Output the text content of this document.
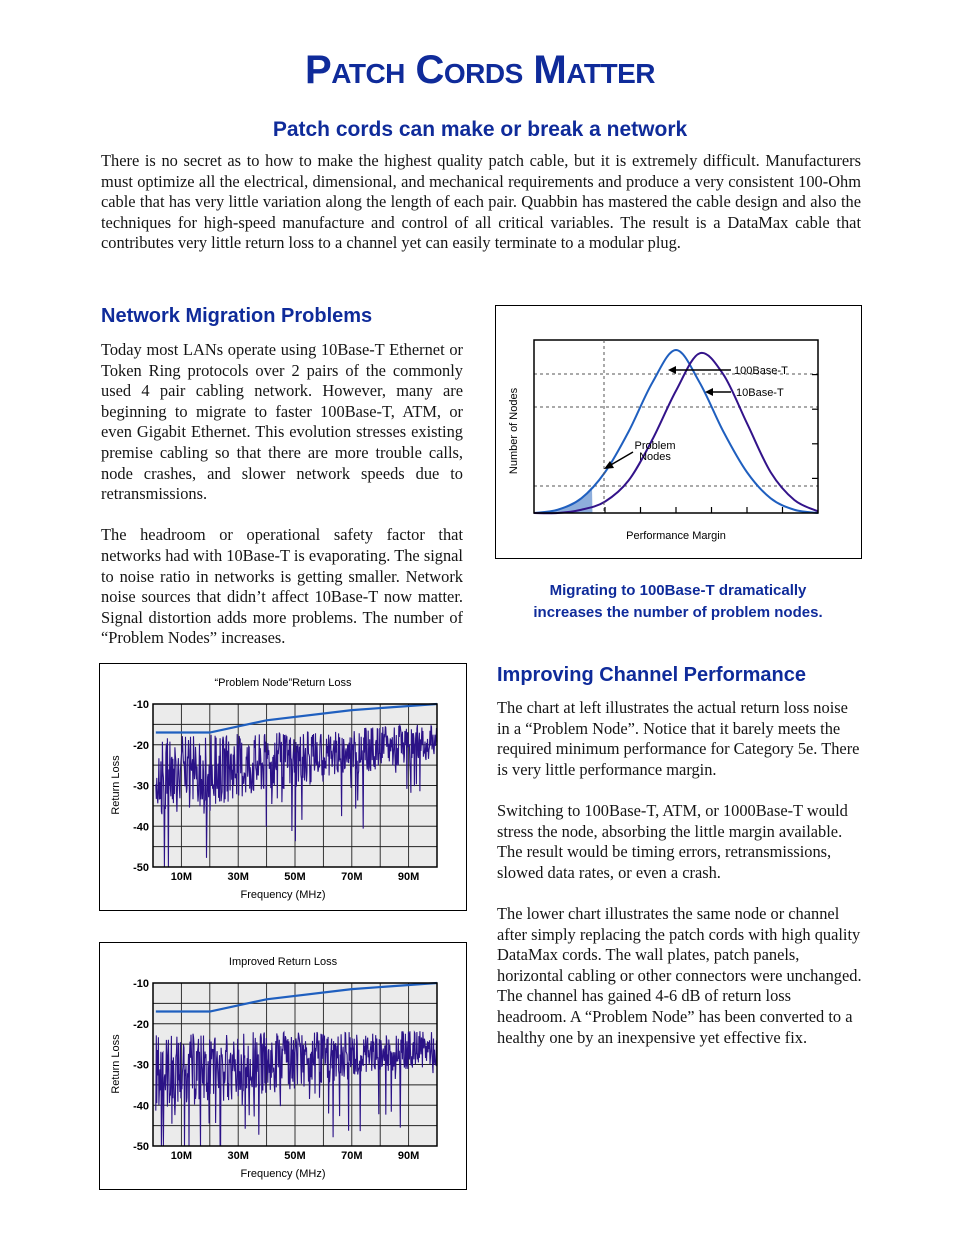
Patch Cords Matter
Patch cords can make or break a network

There is no secret as to how to make the highest quality patch cable, but it is extremely difficult. Manufacturers must optimize all the electrical, dimensional, and mechanical requirements and produce a very consistent 100-Ohm cable that has very little variation along the length of each pair. Quabbin has mastered the cable design and also the techniques for high-speed manufacture and control of all critical variables. The result is a DataMax cable that contributes very little return loss to a channel yet can easily terminate to a modular plug.

Network Migration Problems

Today most LANs operate using 10Base-T Ethernet or Token Ring protocols over 2 pairs of the commonly used 4 pair cabling network. However, many are beginning to migrate to faster 100Base-T, ATM, or even Gigabit Ethernet. This evolution stresses existing premise cabling so that there are more trouble calls, node crashes, and slower network speeds due to retransmissions.

The headroom or operational safety factor that networks had with 10Base-T is evaporating. The signal to noise ratio in networks is getting smaller. Network noise sources that didn’t affect 10Base-T now matter. Signal distortion adds more problems. The number of “Problem Nodes” increases.

100Base-T
10Base-T
Problem
Nodes
Performance Margin
Number of Nodes

Migrating to 100Base-T dramatically
increases the number of problem nodes.

Improving Channel Performance

The chart at left illustrates the actual return loss noise in a “Problem Node”. Notice that it barely meets the required minimum performance for Category 5e. There is very little performance margin.

Switching to 100Base-T, ATM, or 1000Base-T would stress the node, absorbing the little margin available. The result would be timing errors, retransmissions, slowed data rates, or even a crash.

The lower chart illustrates the same node or channel after simply replacing the patch cords with high quality DataMax cords. The wall plates, patch panels, horizontal cabling or other connectors were unchanged. The channel has gained 4-6 dB of return loss headroom. A “Problem Node” has been converted to a healthy one by an inexpensive yet effective fix.

-10
-20
-30
-40
-50
10M	30M	50M	70M	90M
“Problem Node”Return Loss
Frequency (MHz)
Return Loss
-10
-20
-30
-40
-50
10M	30M	50M	70M	90M
Improved Return Loss
Frequency (MHz)
Return Loss
